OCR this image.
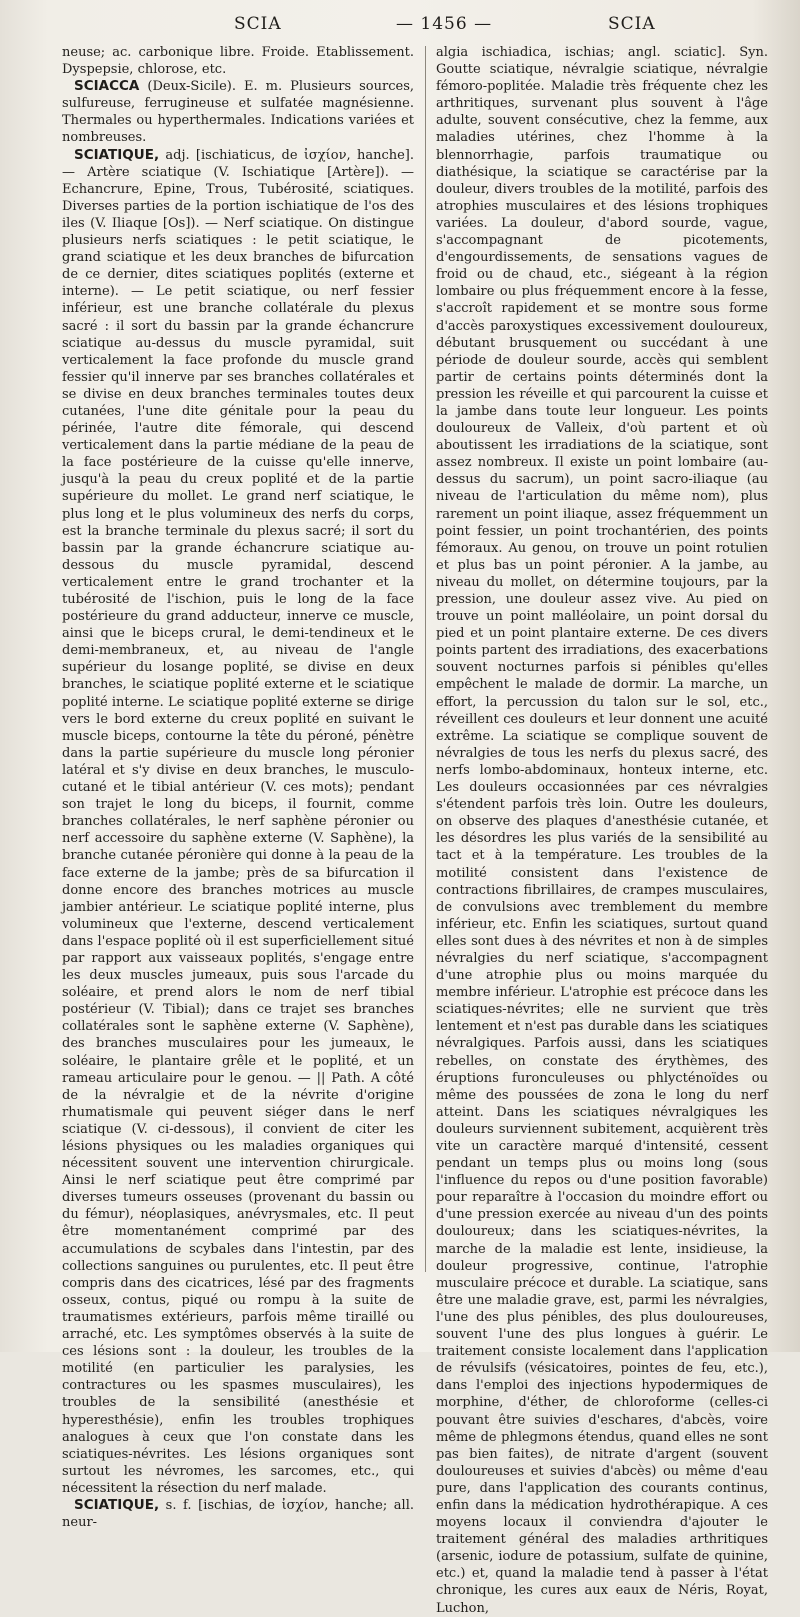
SCIA	— 1456 —	SCIA

neuse; ac. carbonique libre. Froide. Etablissement. Dyspepsie, chlorose, etc.

SCIACCA (Deux-Sicile). E. m. Plusieurs sources, sulfureuse, ferrugineuse et sulfatée magnésienne. Thermales ou hyperthermales. Indications variées et nombreuses.

SCIATIQUE, adj. [ischiaticus, de ἰσχίον, hanche]. — Artère sciatique (V. Ischiatique [Artère]). — Echancrure, Epine, Trous, Tubérosité, sciatiques. Diverses parties de la portion ischiatique de l'os des iles (V. Iliaque [Os]). — Nerf sciatique. On distingue plusieurs nerfs sciatiques : le petit sciatique, le grand sciatique et les deux branches de bifurcation de ce dernier, dites sciatiques poplités (externe et interne). — Le petit sciatique, ou nerf fessier inférieur, est une branche collatérale du plexus sacré : il sort du bassin par la grande échancrure sciatique au-dessus du muscle pyramidal, suit verticalement la face profonde du muscle grand fessier qu'il innerve par ses branches collatérales et se divise en deux branches terminales toutes deux cutanées, l'une dite génitale pour la peau du périnée, l'autre dite fémorale, qui descend verticalement dans la partie médiane de la peau de la face postérieure de la cuisse qu'elle innerve, jusqu'à la peau du creux poplité et de la partie supérieure du mollet. Le grand nerf sciatique, le plus long et le plus volumineux des nerfs du corps, est la branche terminale du plexus sacré; il sort du bassin par la grande échancrure sciatique au-dessous du muscle pyramidal, descend verticalement entre le grand trochanter et la tubérosité de l'ischion, puis le long de la face postérieure du grand adducteur, innerve ce muscle, ainsi que le biceps crural, le demi-tendineux et le demi-membraneux, et, au niveau de l'angle supérieur du losange poplité, se divise en deux branches, le sciatique poplité externe et le sciatique poplité interne. Le sciatique poplité externe se dirige vers le bord externe du creux poplité en suivant le muscle biceps, contourne la tête du péroné, pénètre dans la partie supérieure du muscle long péronier latéral et s'y divise en deux branches, le musculo-cutané et le tibial antérieur (V. ces mots); pendant son trajet le long du biceps, il fournit, comme branches collatérales, le nerf saphène péronier ou nerf accessoire du saphène externe (V. Saphène), la branche cutanée péronière qui donne à la peau de la face externe de la jambe; près de sa bifurcation il donne encore des branches motrices au muscle jambier antérieur. Le sciatique poplité interne, plus volumineux que l'externe, descend verticalement dans l'espace poplité où il est superficiellement situé par rapport aux vaisseaux poplités, s'engage entre les deux muscles jumeaux, puis sous l'arcade du soléaire, et prend alors le nom de nerf tibial postérieur (V. Tibial); dans ce trajet ses branches collatérales sont le saphène externe (V. Saphène), des branches musculaires pour les jumeaux, le soléaire, le plantaire grêle et le poplité, et un rameau articulaire pour le genou. — || Path. A côté de la névralgie et de la névrite d'origine rhumatismale qui peuvent siéger dans le nerf sciatique (V. ci-dessous), il convient de citer les lésions physiques ou les maladies organiques qui nécessitent souvent une intervention chirurgicale. Ainsi le nerf sciatique peut être comprimé par diverses tumeurs osseuses (provenant du bassin ou du fémur), néoplasiques, anévrysmales, etc. Il peut être momentanément comprimé par des accumulations de scybales dans l'intestin, par des collections sanguines ou purulentes, etc. Il peut être compris dans des cicatrices, lésé par des fragments osseux, contus, piqué ou rompu à la suite de traumatismes extérieurs, parfois même tiraillé ou arraché, etc. Les symptômes observés à la suite de ces lésions sont : la douleur, les troubles de la motilité (en particulier les paralysies, les contractures ou les spasmes musculaires), les troubles de la sensibilité (anesthésie et hyperesthésie), enfin les troubles trophiques analogues à ceux que l'on constate dans les sciatiques-névrites. Les lésions organiques sont surtout les névromes, les sarcomes, etc., qui nécessitent la résection du nerf malade.

SCIATIQUE, s. f. [ischias, de ἰσχίον, hanche; all. neur-

algia ischiadica, ischias; angl. sciatic]. Syn. Goutte sciatique, névralgie sciatique, névralgie fémoro-poplitée. Maladie très fréquente chez les arthritiques, survenant plus souvent à l'âge adulte, souvent consécutive, chez la femme, aux maladies utérines, chez l'homme à la blennorrhagie, parfois traumatique ou diathésique, la sciatique se caractérise par la douleur, divers troubles de la motilité, parfois des atrophies musculaires et des lésions trophiques variées. La douleur, d'abord sourde, vague, s'accompagnant de picotements, d'engourdissements, de sensations vagues de froid ou de chaud, etc., siégeant à la région lombaire ou plus fréquemment encore à la fesse, s'accroît rapidement et se montre sous forme d'accès paroxystiques excessivement douloureux, débutant brusquement ou succédant à une période de douleur sourde, accès qui semblent partir de certains points déterminés dont la pression les réveille et qui parcourent la cuisse et la jambe dans toute leur longueur. Les points douloureux de Valleix, d'où partent et où aboutissent les irradiations de la sciatique, sont assez nombreux. Il existe un point lombaire (au-dessus du sacrum), un point sacro-iliaque (au niveau de l'articulation du même nom), plus rarement un point iliaque, assez fréquemment un point fessier, un point trochantérien, des points fémoraux. Au genou, on trouve un point rotulien et plus bas un point péronier. A la jambe, au niveau du mollet, on détermine toujours, par la pression, une douleur assez vive. Au pied on trouve un point malléolaire, un point dorsal du pied et un point plantaire externe. De ces divers points partent des irradiations, des exacerbations souvent nocturnes parfois si pénibles qu'elles empêchent le malade de dormir. La marche, un effort, la percussion du talon sur le sol, etc., réveillent ces douleurs et leur donnent une acuité extrême. La sciatique se complique souvent de névralgies de tous les nerfs du plexus sacré, des nerfs lombo-abdominaux, honteux interne, etc. Les douleurs occasionnées par ces névralgies s'étendent parfois très loin. Outre les douleurs, on observe des plaques d'anesthésie cutanée, et les désordres les plus variés de la sensibilité au tact et à la température. Les troubles de la motilité consistent dans l'existence de contractions fibrillaires, de crampes musculaires, de convulsions avec tremblement du membre inférieur, etc. Enfin les sciatiques, surtout quand elles sont dues à des névrites et non à de simples névralgies du nerf sciatique, s'accompagnent d'une atrophie plus ou moins marquée du membre inférieur. L'atrophie est précoce dans les sciatiques-névrites; elle ne survient que très lentement et n'est pas durable dans les sciatiques névralgiques. Parfois aussi, dans les sciatiques rebelles, on constate des érythèmes, des éruptions furonculeuses ou phlycténoïdes ou même des poussées de zona le long du nerf atteint. Dans les sciatiques névralgiques les douleurs surviennent subitement, acquièrent très vite un caractère marqué d'intensité, cessent pendant un temps plus ou moins long (sous l'influence du repos ou d'une position favorable) pour reparaître à l'occasion du moindre effort ou d'une pression exercée au niveau d'un des points douloureux; dans les sciatiques-névrites, la marche de la maladie est lente, insidieuse, la douleur progressive, continue, l'atrophie musculaire précoce et durable. La sciatique, sans être une maladie grave, est, parmi les névralgies, l'une des plus pénibles, des plus douloureuses, souvent l'une des plus longues à guérir. Le traitement consiste localement dans l'application de révulsifs (vésicatoires, pointes de feu, etc.), dans l'emploi des injections hypodermiques de morphine, d'éther, de chloroforme (celles-ci pouvant être suivies d'eschares, d'abcès, voire même de phlegmons étendus, quand elles ne sont pas bien faites), de nitrate d'argent (souvent douloureuses et suivies d'abcès) ou même d'eau pure, dans l'application des courants continus, enfin dans la médication hydrothérapique. A ces moyens locaux il conviendra d'ajouter le traitement général des maladies arthritiques (arsenic, iodure de potassium, sulfate de quinine, etc.) et, quand la maladie tend à passer à l'état chronique, les cures aux eaux de Néris, Royat, Luchon,
